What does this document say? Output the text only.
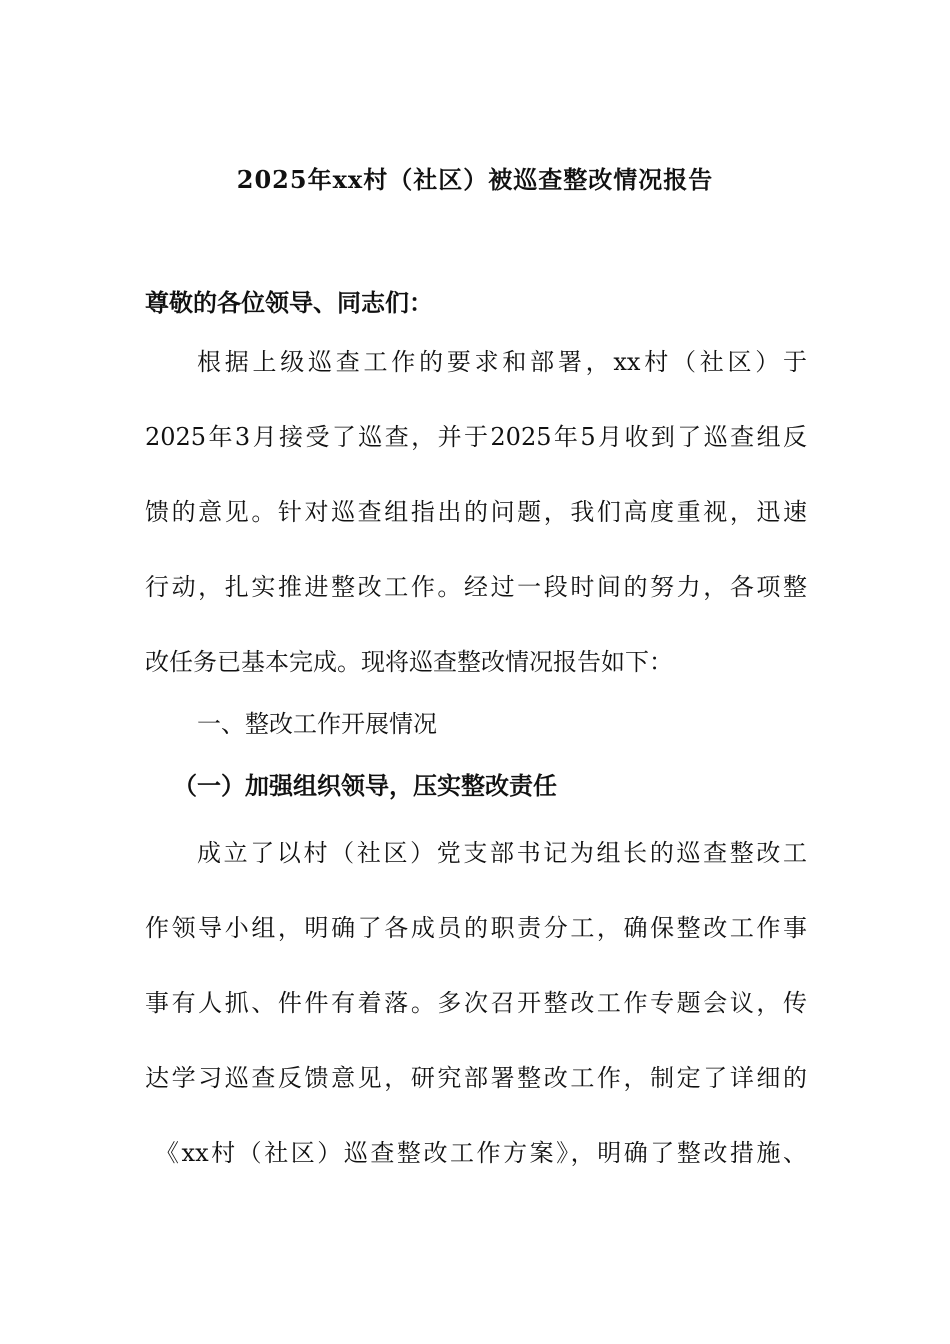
2025年xx村（社区）被巡查整改情况报告
尊敬的各位领导、同志们：
根据上级巡查工作的要求和部署，xx村（社区）于
2025年3月接受了巡查，并于2025年5月收到了巡查组反
馈的意见。针对巡查组指出的问题，我们高度重视，迅速
行动，扎实推进整改工作。经过一段时间的努力，各项整
改任务已基本完成。现将巡查整改情况报告如下：
一、整改工作开展情况
（一）加强组织领导，压实整改责任
成立了以村（社区）党支部书记为组长的巡查整改工
作领导小组，明确了各成员的职责分工，确保整改工作事
事有人抓、件件有着落。多次召开整改工作专题会议，传
达学习巡查反馈意见，研究部署整改工作，制定了详细的
《xx村（社区）巡查整改工作方案》，明确了整改措施、
